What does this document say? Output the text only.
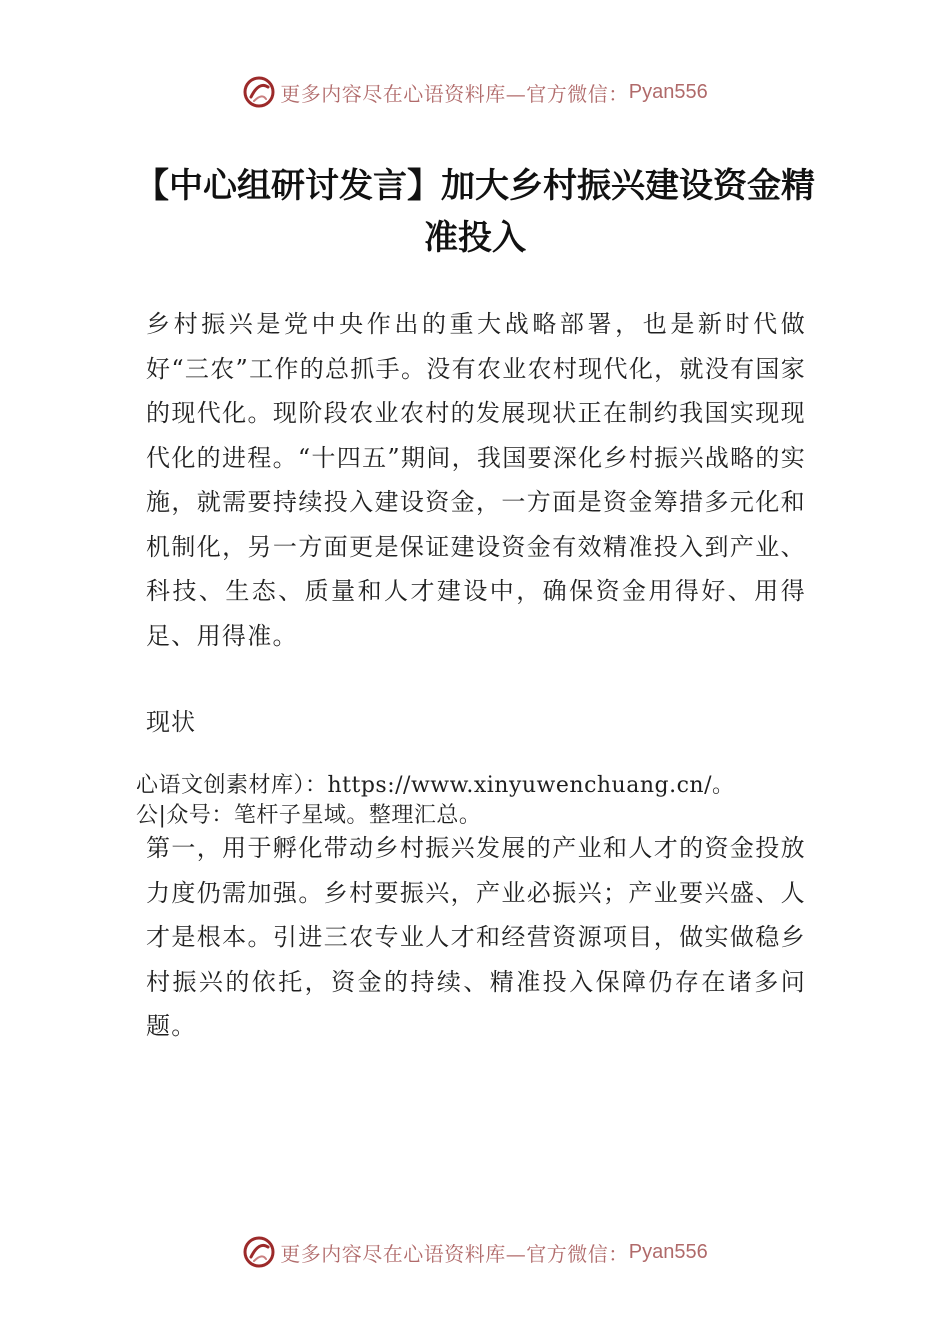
更多内容尽在心语资料库—官方微信： Pyan556
【中心组研讨发言】加大乡村振兴建设资金精准投入
乡村振兴是党中央作出的重大战略部署，也是新时代做好“三农”工作的总抓手。没有农业农村现代化，就没有国家的现代化。现阶段农业农村的发展现状正在制约我国实现现代化的进程。“十四五”期间，我国要深化乡村振兴战略的实施，就需要持续投入建设资金，一方面是资金筹措多元化和机制化，另一方面更是保证建设资金有效精准投入到产业、科技、生态、质量和人才建设中，确保资金用得好、用得足、用得准。
现状
心语文创素材库）：https://www.xinyuwenchuang.cn/。
公|众号：笔杆子星域。整理汇总。
第一，用于孵化带动乡村振兴发展的产业和人才的资金投放力度仍需加强。乡村要振兴，产业必振兴；产业要兴盛、人才是根本。引进三农专业人才和经营资源项目，做实做稳乡村振兴的依托，资金的持续、精准投入保障仍存在诸多问题。
更多内容尽在心语资料库—官方微信： Pyan556
